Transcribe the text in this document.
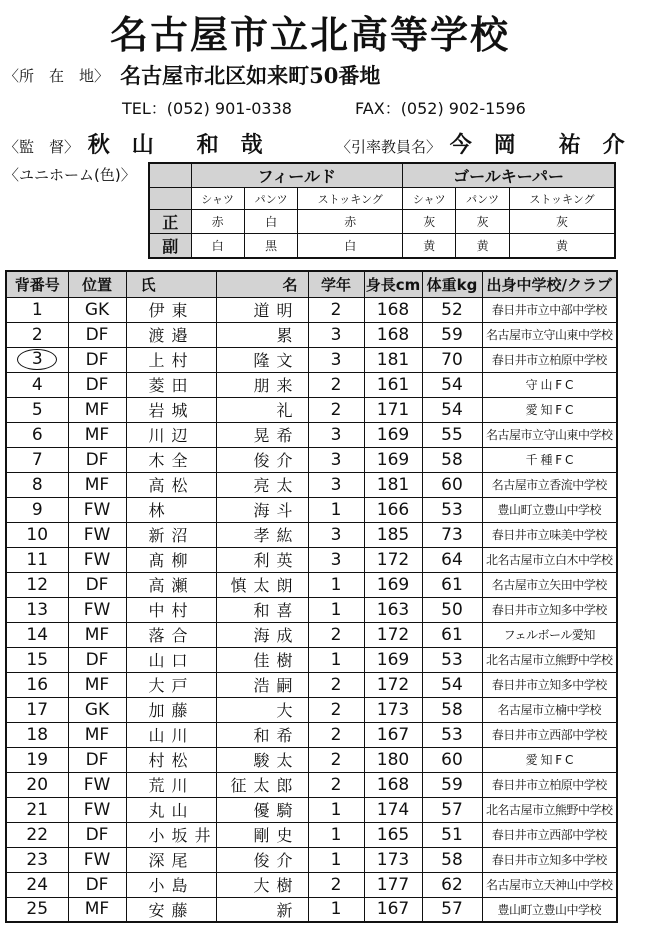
名古屋市立北高等学校
〈所　在　地〉 名古屋市北区如来町50番地
TEL：(052) 901-0338	FAX：(052) 902-1596
〈監　督〉 秋山 和哉	〈引率教員名〉 今岡 祐介
〈ユニホーム(色)〉
		フィールド			ゴールキーパー		
	シャツ	パンツ	ストッキング	シャツ	パンツ	ストッキング
正	赤	白	赤	灰	灰	灰
副	白	黒	白	黄	黄	黄
背番号	位置	氏	名	学年	身長cm	体重kg	出身中学校/クラブ
1	GK	伊東	道明	2	168	52	春日井市立中部中学校
2	DF	渡邉	累	3	168	59	名古屋市立守山東中学校
3	DF	上村	隆文	3	181	70	春日井市立柏原中学校
4	DF	菱田	朋来	2	161	54	守 山 F C
5	MF	岩城	礼	2	171	54	愛 知 F C
6	MF	川辺	晃希	3	169	55	名古屋市立守山東中学校
7	DF	木全	俊介	3	169	58	千 種 F C
8	MF	高松	亮太	3	181	60	名古屋市立香流中学校
9	FW	林	海斗	1	166	53	豊山町立豊山中学校
10	FW	新沼	孝紘	3	185	73	春日井市立味美中学校
11	FW	髙柳	利英	3	172	64	北名古屋市立白木中学校
12	DF	高瀬	慎太朗	1	169	61	名古屋市立矢田中学校
13	FW	中村	和喜	1	163	50	春日井市立知多中学校
14	MF	落合	海成	2	172	61	フェルボール愛知
15	DF	山口	佳樹	1	169	53	北名古屋市立熊野中学校
16	MF	大戸	浩嗣	2	172	54	春日井市立知多中学校
17	GK	加藤	大	2	173	58	名古屋市立楠中学校
18	MF	山川	和希	2	167	53	春日井市立西部中学校
19	DF	村松	駿太	2	180	60	愛 知 F C
20	FW	荒川	征太郎	2	168	59	春日井市立柏原中学校
21	FW	丸山	優騎	1	174	57	北名古屋市立熊野中学校
22	DF	小坂井	剛史	1	165	51	春日井市立西部中学校
23	FW	深尾	俊介	1	173	58	春日井市立知多中学校
24	DF	小島	大樹	2	177	62	名古屋市立天神山中学校
25	MF	安藤	新	1	167	57	豊山町立豊山中学校
